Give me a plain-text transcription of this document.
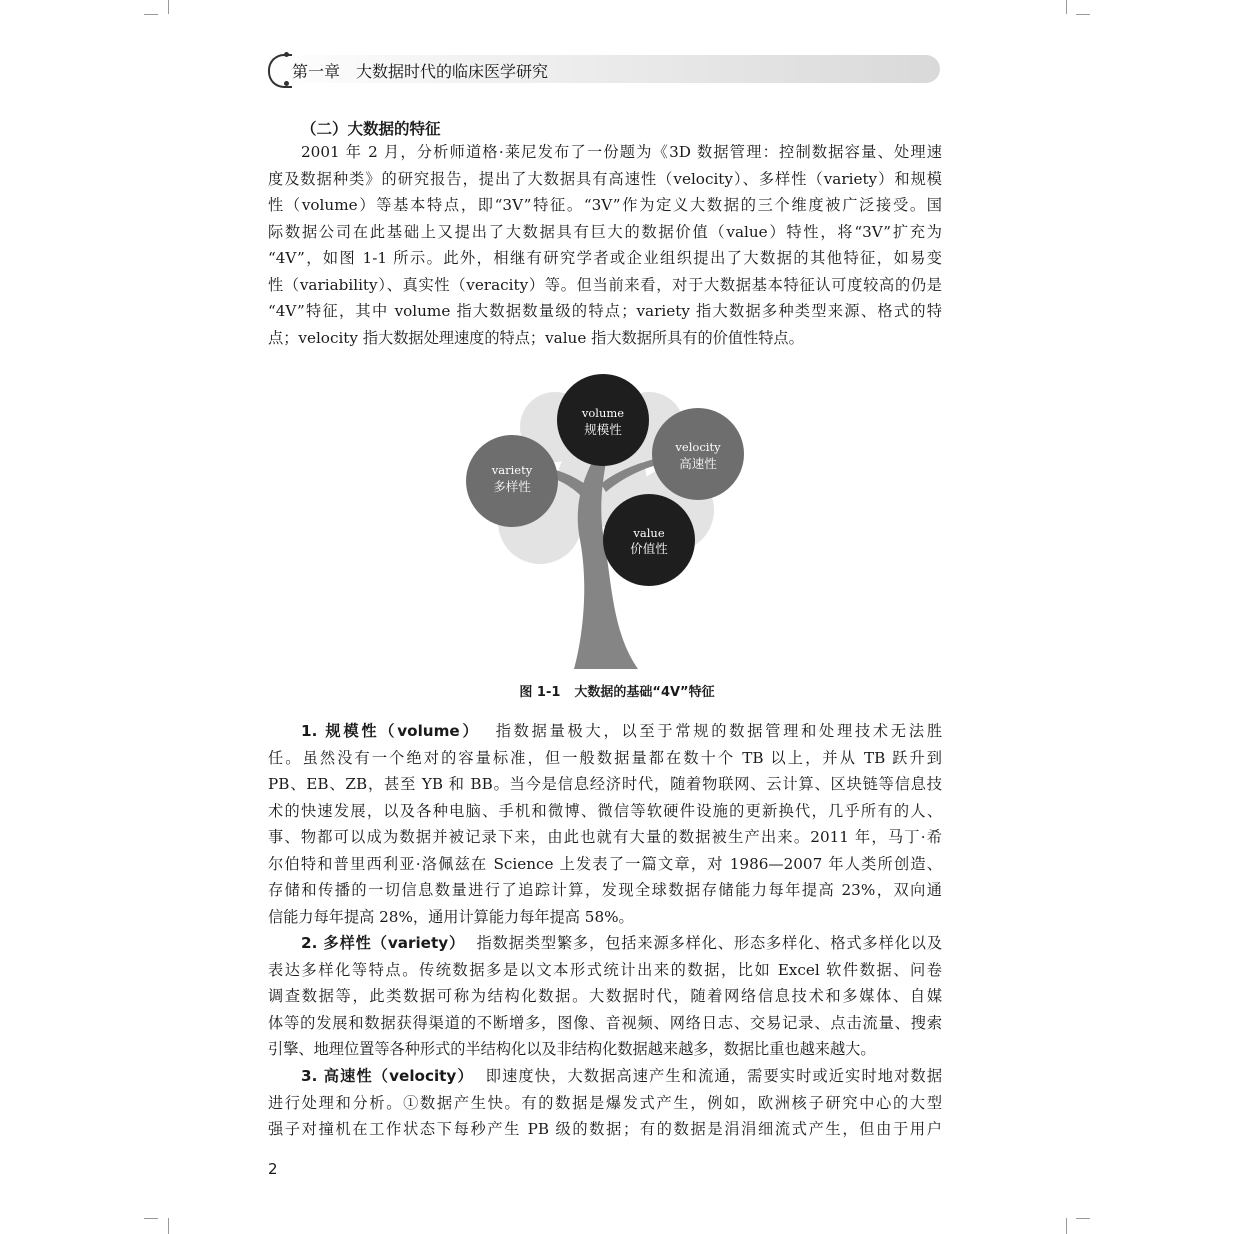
第一章 大数据时代的临床医学研究
（二）大数据的特征
2001 年 2 月，分析师道格·莱尼发布了一份题为《3D 数据管理：控制数据容量、处理速
度及数据种类》的研究报告，提出了大数据具有高速性（velocity）、多样性（variety）和规模
性（volume）等基本特点，即“3V”特征。“3V”作为定义大数据的三个维度被广泛接受。国
际数据公司在此基础上又提出了大数据具有巨大的数据价值（value）特性，将“3V”扩充为
“4V”，如图 1-1 所示。此外，相继有研究学者或企业组织提出了大数据的其他特征，如易变
性（variability）、真实性（veracity）等。但当前来看，对于大数据基本特征认可度较高的仍是
“4V”特征，其中 volume 指大数据数量级的特点；variety 指大数据多种类型来源、格式的特
点；velocity 指大数据处理速度的特点；value 指大数据所具有的价值性特点。
volume
规模性
velocity
高速性
variety
多样性
value
价值性
图 1-1 大数据的基础“4V”特征
1. 规模性（volume） 指数据量极大，以至于常规的数据管理和处理技术无法胜
任。虽然没有一个绝对的容量标准，但一般数据量都在数十个 TB 以上，并从 TB 跃升到
PB、EB、ZB，甚至 YB 和 BB。当今是信息经济时代，随着物联网、云计算、区块链等信息技
术的快速发展，以及各种电脑、手机和微博、微信等软硬件设施的更新换代，几乎所有的人、
事、物都可以成为数据并被记录下来，由此也就有大量的数据被生产出来。2011 年，马丁·希
尔伯特和普里西利亚·洛佩兹在 Science 上发表了一篇文章，对 1986—2007 年人类所创造、
存储和传播的一切信息数量进行了追踪计算，发现全球数据存储能力每年提高 23%，双向通
信能力每年提高 28%，通用计算能力每年提高 58%。
2. 多样性（variety） 指数据类型繁多，包括来源多样化、形态多样化、格式多样化以及
表达多样化等特点。传统数据多是以文本形式统计出来的数据，比如 Excel 软件数据、问卷
调查数据等，此类数据可称为结构化数据。大数据时代，随着网络信息技术和多媒体、自媒
体等的发展和数据获得渠道的不断增多，图像、音视频、网络日志、交易记录、点击流量、搜索
引擎、地理位置等各种形式的半结构化以及非结构化数据越来越多，数据比重也越来越大。
3. 高速性（velocity） 即速度快，大数据高速产生和流通，需要实时或近实时地对数据
进行处理和分析。①数据产生快。有的数据是爆发式产生，例如，欧洲核子研究中心的大型
强子对撞机在工作状态下每秒产生 PB 级的数据；有的数据是涓涓细流式产生，但由于用户
2
